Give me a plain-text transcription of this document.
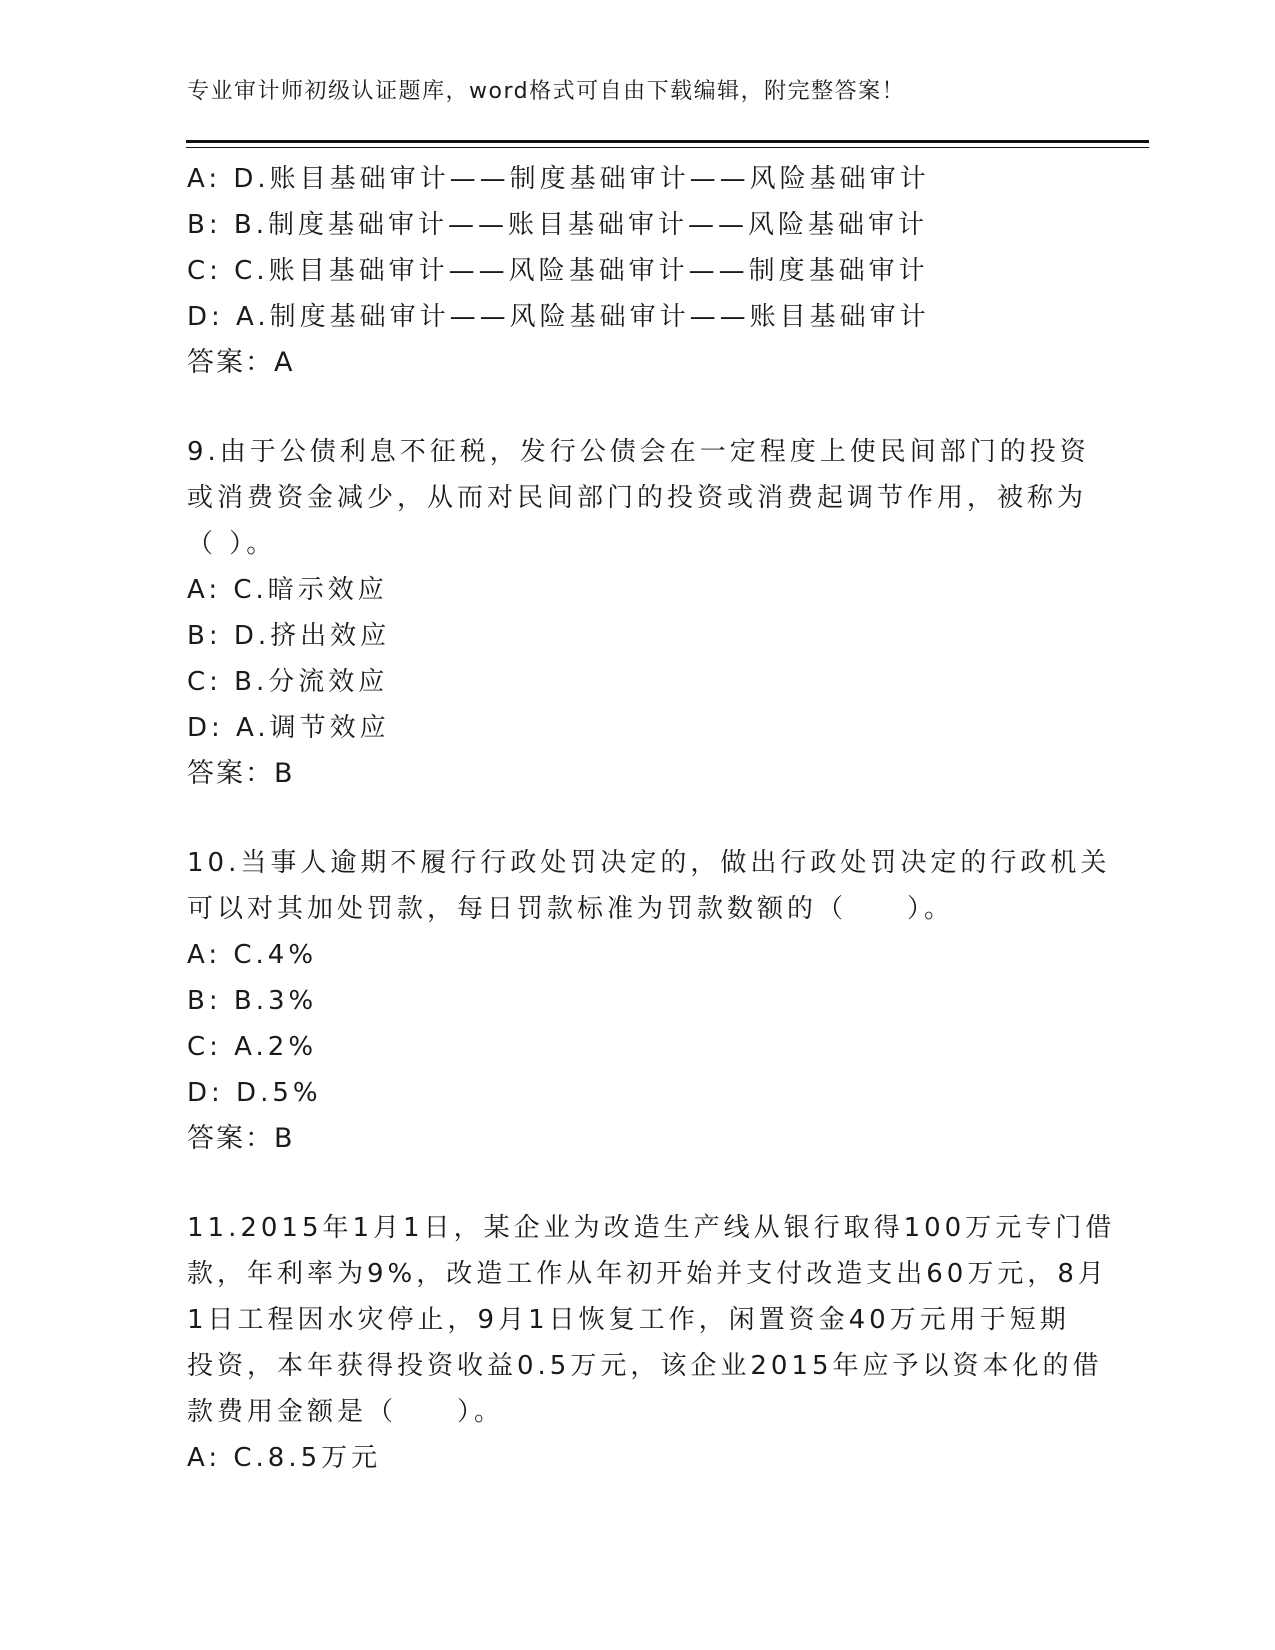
专业审计师初级认证题库，word格式可自由下载编辑，附完整答案！
A: D.账目基础审计——制度基础审计——风险基础审计
B: B.制度基础审计——账目基础审计——风险基础审计
C: C.账目基础审计——风险基础审计——制度基础审计
D: A.制度基础审计——风险基础审计——账目基础审计
答案：A
9.由于公债利息不征税，发行公债会在一定程度上使民间部门的投资
或消费资金减少，从而对民间部门的投资或消费起调节作用，被称为
（ ）。
A: C.暗示效应
B: D.挤出效应
C: B.分流效应
D: A.调节效应
答案：B
10.当事人逾期不履行行政处罚决定的，做出行政处罚决定的行政机关
可以对其加处罚款，每日罚款标准为罚款数额的（　　）。
A: C.4%
B: B.3%
C: A.2%
D: D.5%
答案：B
11.2015年1月1日，某企业为改造生产线从银行取得100万元专门借
款，年利率为9%，改造工作从年初开始并支付改造支出60万元，8月
1日工程因水灾停止，9月1日恢复工作，闲置资金40万元用于短期
投资，本年获得投资收益0.5万元，该企业2015年应予以资本化的借
款费用金额是（　　）。
A: C.8.5万元
